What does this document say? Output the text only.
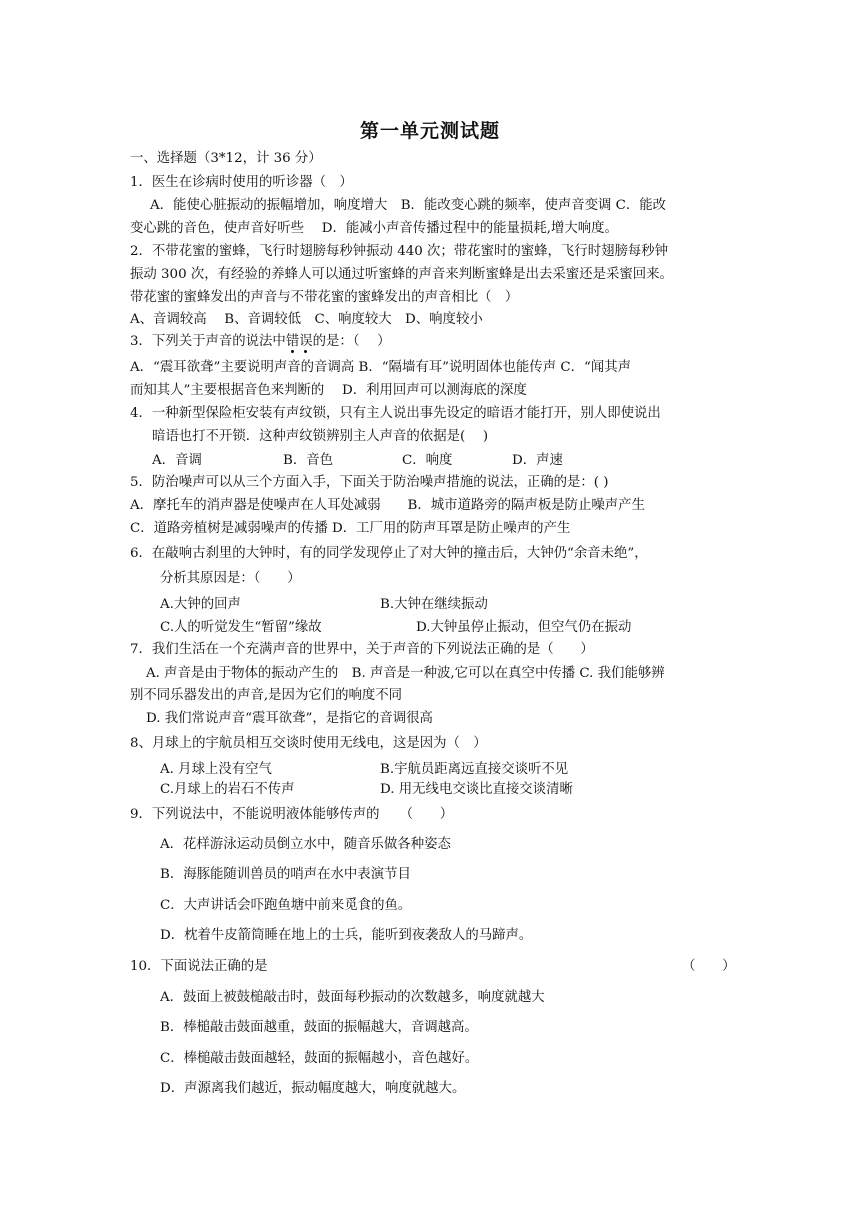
第一单元测试题
一、选择题（3*12，计 36 分）
1．医生在诊病时使用的听诊器（　）
A．能使心脏振动的振幅增加，响度增大　B．能改变心跳的频率，使声音变调 C．能改
变心跳的音色，使声音好听些　 D．能减小声音传播过程中的能量损耗,增大响度。
2．不带花蜜的蜜蜂，飞行时翅膀每秒钟振动 440 次；带花蜜时的蜜蜂，飞行时翅膀每秒钟
振动 300 次，有经验的养蜂人可以通过听蜜蜂的声音来判断蜜蜂是出去采蜜还是采蜜回来。
带花蜜的蜜蜂发出的声音与不带花蜜的蜜蜂发出的声音相比（　）
A、音调较高　 B、音调较低　C、响度较大　D、响度较小
3．下列关于声音的说法中错误的是：（　 ）
A．“震耳欲聋”主要说明声音的音调高 B．“隔墙有耳”说明固体也能传声 C．“闻其声
而知其人”主要根据音色来判断的　 D．利用回声可以测海底的深度
4．一种新型保险柜安装有声纹锁，只有主人说出事先设定的暗语才能打开，别人即使说出
暗语也打不开锁．这种声纹锁辨别主人声音的依据是(　 )
A．音调	B．音色	C．响度	D．声速
5．防治噪声可以从三个方面入手，下面关于防治噪声措施的说法，正确的是：( )
A．摩托车的消声器是使噪声在人耳处减弱　　B．城市道路旁的隔声板是防止噪声产生
C．道路旁植树是减弱噪声的传播 D．工厂用的防声耳罩是防止噪声的产生
6．在敲响古刹里的大钟时，有的同学发现停止了对大钟的撞击后，大钟仍“余音未绝”，
分析其原因是：（　　）
A.大钟的回声	B.大钟在继续振动
C.人的听觉发生“暂留”缘故	D.大钟虽停止振动，但空气仍在振动
7．我们生活在一个充满声音的世界中，关于声音的下列说法正确的是（　　）
A. 声音是由于物体的振动产生的　B. 声音是一种波,它可以在真空中传播 C. 我们能够辨
别不同乐器发出的声音,是因为它们的响度不同
D. 我们常说声音“震耳欲聋”，是指它的音调很高
8、月球上的宇航员相互交谈时使用无线电，这是因为（　）
A. 月球上没有空气	B.宇航员距离远直接交谈听不见
C.月球上的岩石不传声	D. 用无线电交谈比直接交谈清晰
9．下列说法中，不能说明液体能够传声的　　（　　）
A．花样游泳运动员倒立水中，随音乐做各种姿态
B．海豚能随训兽员的哨声在水中表演节目
C．大声讲话会吓跑鱼塘中前来觅食的鱼。
D．枕着牛皮箭筒睡在地上的士兵，能听到夜袭敌人的马蹄声。
10．下面说法正确的是	（　　）
A．鼓面上被鼓槌敲击时，鼓面每秒振动的次数越多，响度就越大
B．棒槌敲击鼓面越重，鼓面的振幅越大，音调越高。
C．棒槌敲击鼓面越轻，鼓面的振幅越小，音色越好。
D．声源离我们越近，振动幅度越大，响度就越大。
